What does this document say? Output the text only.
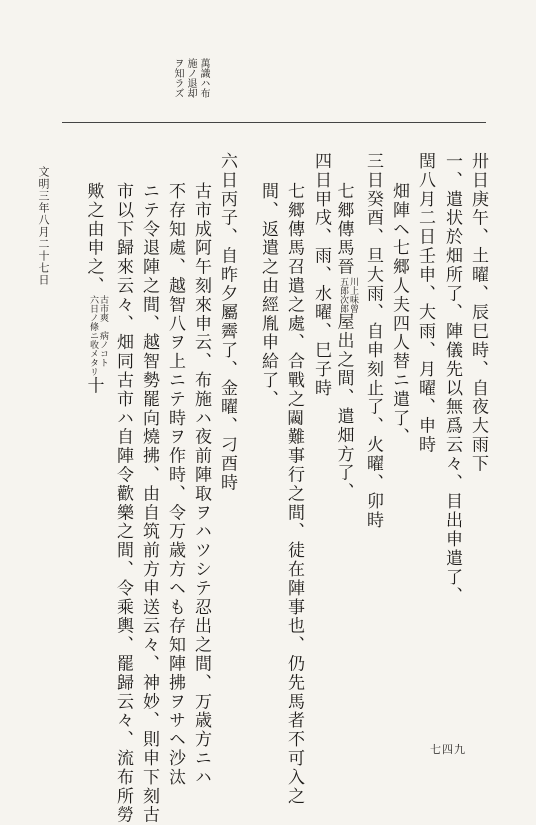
萬識ハ布
施ノ退却
ヲ知ラズ
卅日庚午、土曜、辰巳時、自夜大雨下
一、遣状於畑所了、陣儀先以無爲云々、目出申遣了、
閏八月二日壬申、大雨、月曜、申時
畑陣ヘ七郷人夫四人替ニ遣了、
三日癸酉、旦大雨、自申刻止了、火曜、卯時
七郷傳馬晉川上
五郎味曾
次郎屋出之間、遣畑方了、
四日甲戌、雨、水曜、巳子時
七郷傳馬召遣之處、合戰之𨶳難事行之間、徒在陣事也、仍先馬者不可入之
間、返遣之由經胤申給了、
六日丙子、自昨夕屬霽了、金曜、刁酉時
古市成阿午刻來申云、布施ハ夜前陣取ヲハツシテ忍出之間、万歳方ニハ
不存知處、越智八ヲ上ニテ時ヲ作時、令万歳方ヘも存知陣拂ヲサヘ沙汰
ニテ令退陣之間、越智勢罷向燒拂、由自筑前方申送云々、神妙、則申下刻古
市以下歸來云々、畑同古市ハ自陣令歡樂之間、令乘輿、罷歸云々、流布所勞
歟之由申之、古市爽
六日ノ條病ノコト
ニ收メタリ十
文明三年八月二十七日
七四九
